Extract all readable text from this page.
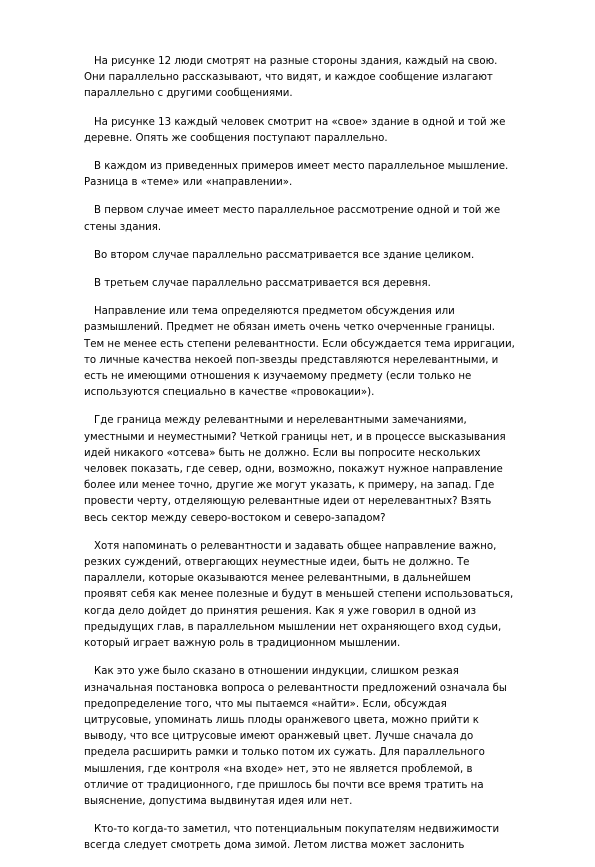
На рисунке 12 люди смотрят на разные стороны здания, каждый на свою.
Они параллельно рассказывают, что видят, и каждое сообщение излагают
параллельно с другими сообщениями.

На рисунке 13 каждый человек смотрит на «свое» здание в одной и той же
деревне. Опять же сообщения поступают параллельно.

В каждом из приведенных примеров имеет место параллельное мышление.
Разница в «теме» или «направлении».

В первом случае имеет место параллельное рассмотрение одной и той же
стены здания.

Во втором случае параллельно рассматривается все здание целиком.

В третьем случае параллельно рассматривается вся деревня.

Направление или тема определяются предметом обсуждения или
размышлений. Предмет не обязан иметь очень четко очерченные границы.
Тем не менее есть степени релевантности. Если обсуждается тема ирригации,
то личные качества некоей поп-звезды представляются нерелевантными, и
есть не имеющими отношения к изучаемому предмету (если только не
используются специально в качестве «провокации»).

Где граница между релевантными и нерелевантными замечаниями,
уместными и неуместными? Четкой границы нет, и в процессе высказывания
идей никакого «отсева» быть не должно. Если вы попросите нескольких
человек показать, где север, одни, возможно, покажут нужное направление
более или менее точно, другие же могут указать, к примеру, на запад. Где
провести черту, отделяющую релевантные идеи от нерелевантных? Взять
весь сектор между северо-востоком и северо-западом?

Хотя напоминать о релевантности и задавать общее направление важно,
резких суждений, отвергающих неуместные идеи, быть не должно. Те
параллели, которые оказываются менее релевантными, в дальнейшем
проявят себя как менее полезные и будут в меньшей степени использоваться,
когда дело дойдет до принятия решения. Как я уже говорил в одной из
предыдущих глав, в параллельном мышлении нет охраняющего вход судьи,
который играет важную роль в традиционном мышлении.

Как это уже было сказано в отношении индукции, слишком резкая
изначальная постановка вопроса о релевантности предложений означала бы
предопределение того, что мы пытаемся «найти». Если, обсуждая
цитрусовые, упоминать лишь плоды оранжевого цвета, можно прийти к
выводу, что все цитрусовые имеют оранжевый цвет. Лучше сначала до
предела расширить рамки и только потом их сужать. Для параллельного
мышления, где контроля «на входе» нет, это не является проблемой, в
отличие от традиционного, где пришлось бы почти все время тратить на
выяснение, допустима выдвинутая идея или нет.

Кто-то когда-то заметил, что потенциальным покупателям недвижимости
всегда следует смотреть дома зимой. Летом листва может заслонить
